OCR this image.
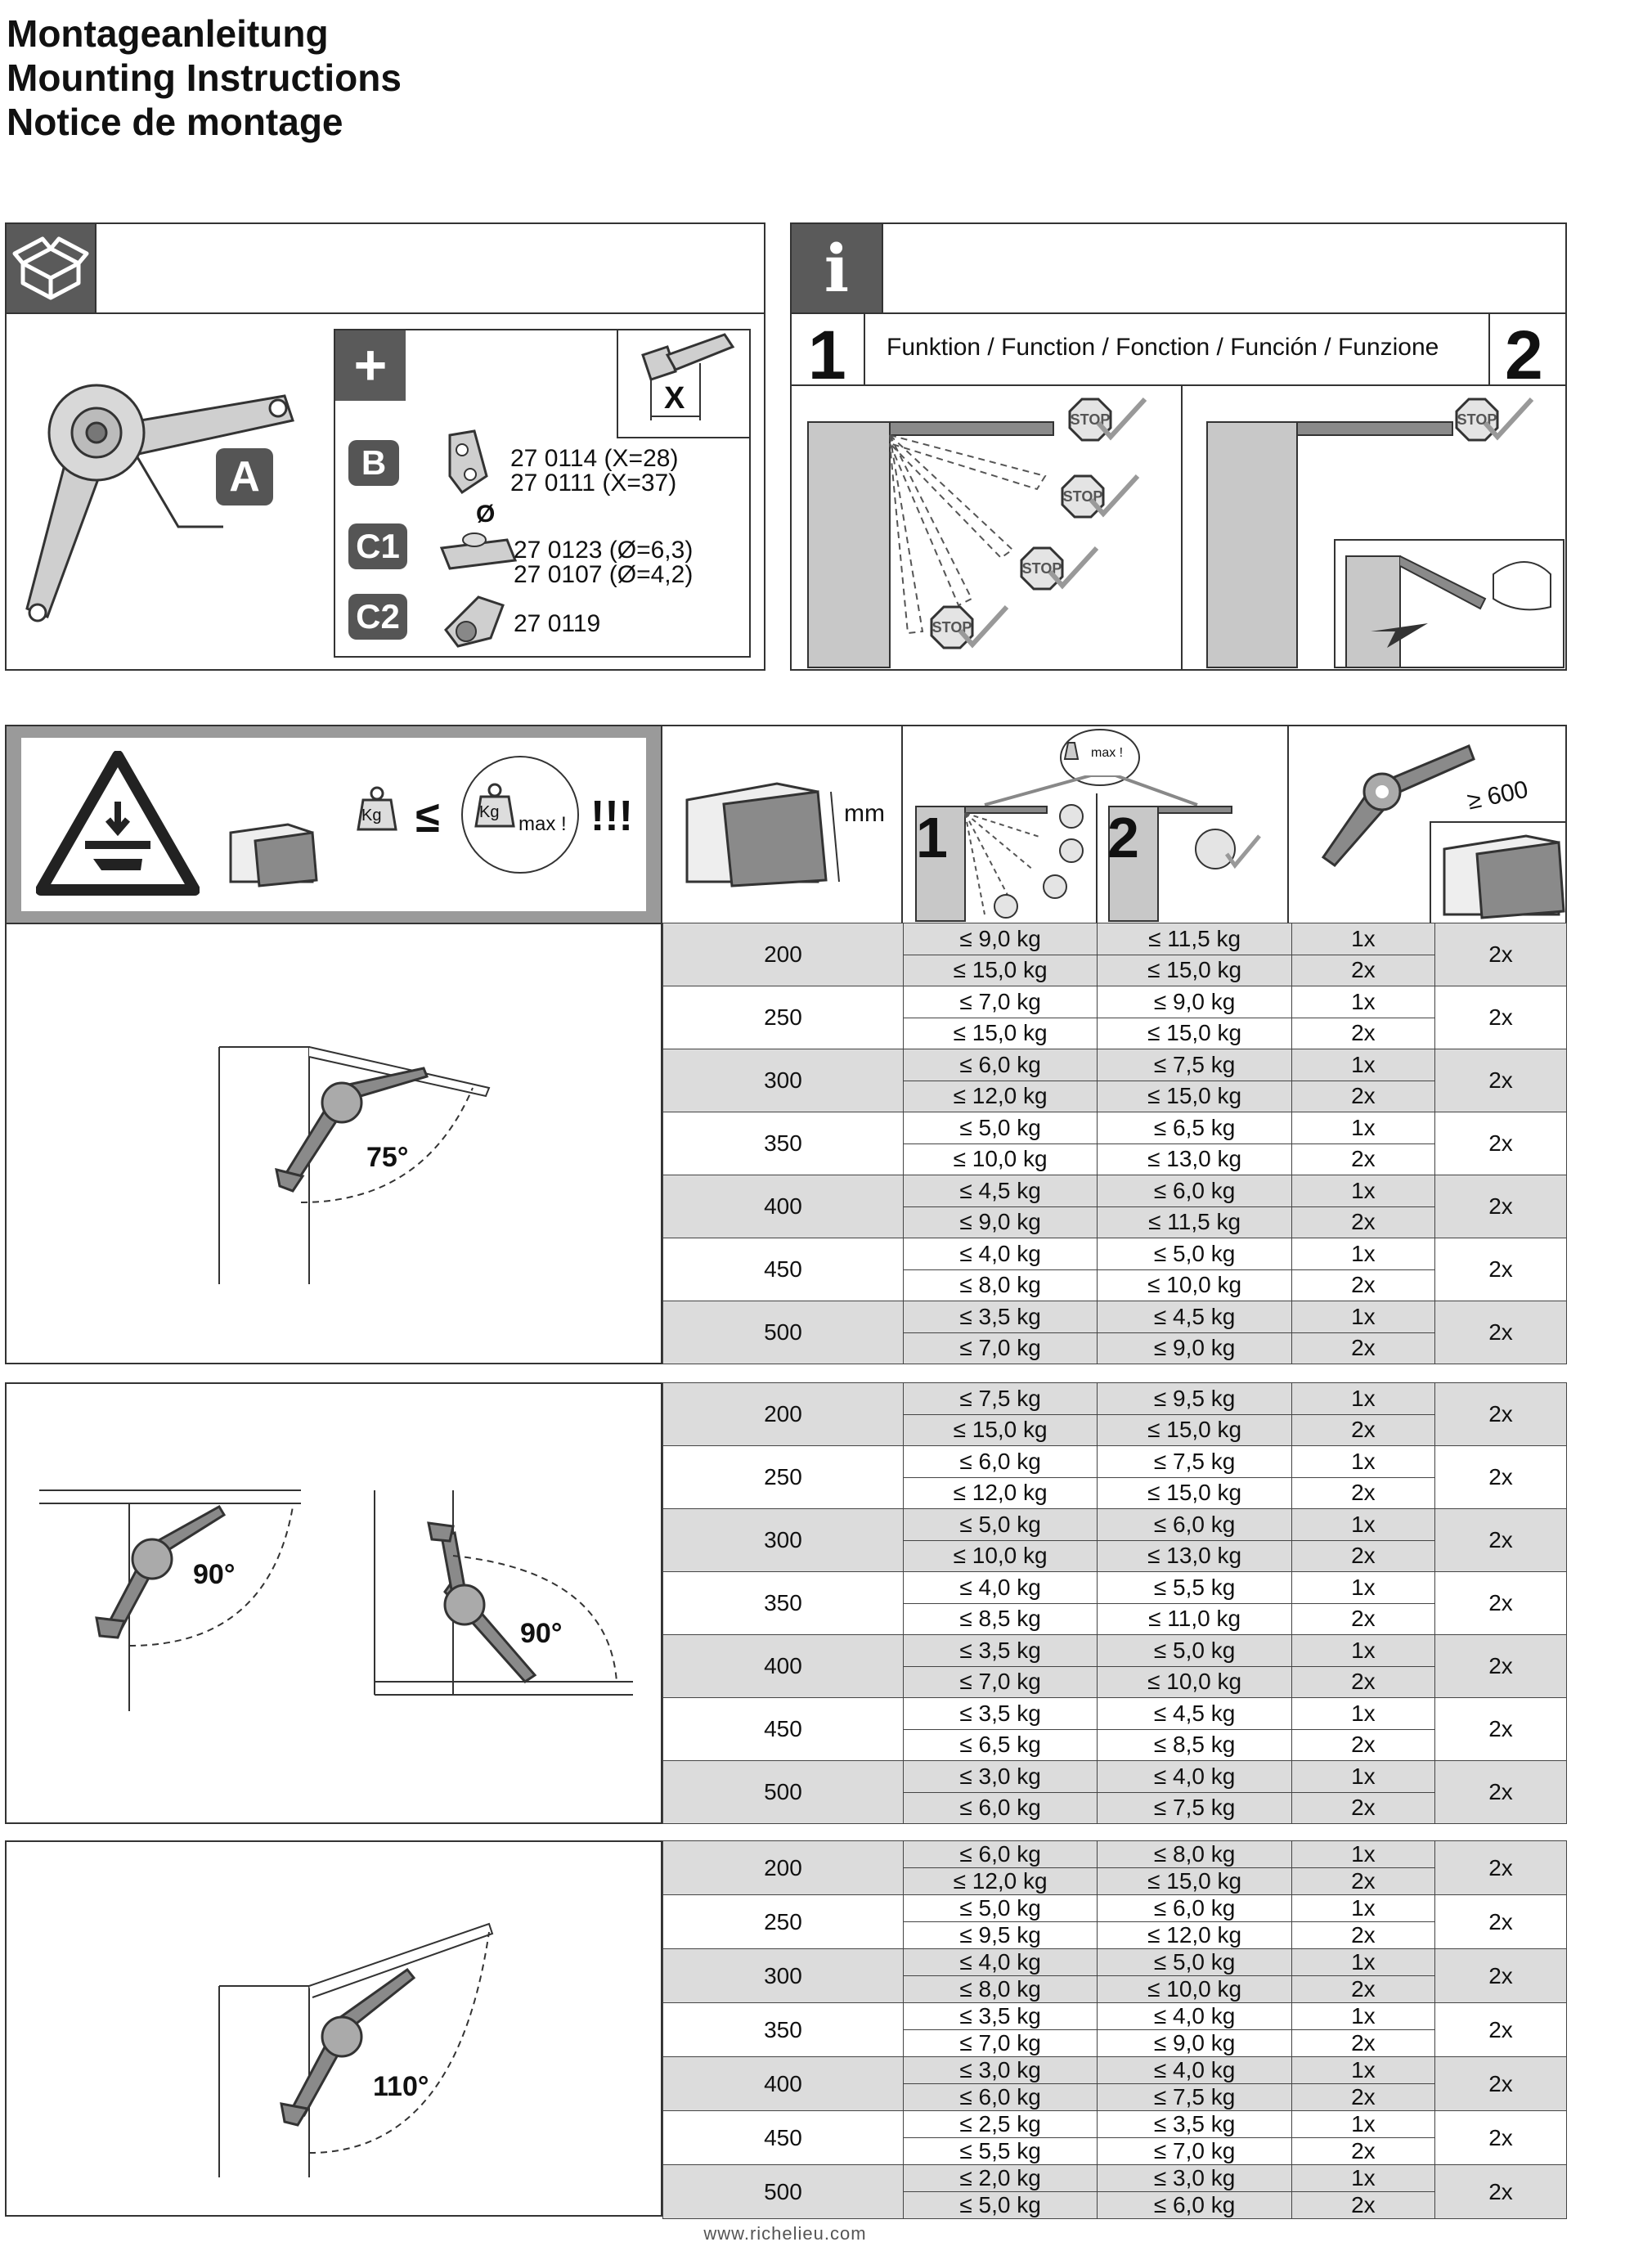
Montageanleitung
Mounting Instructions
Notice de montage
A
+
X
B	27 0114 (X=28)
27 0111 (X=37)
Ø
C1	27 0123 (Ø=6,3)
27 0107 (Ø=4,2)
C2	27 0119
i
1 Funktion / Function / Fonction / Función / Funzione 2
STOP
STOP
STOP
STOP
STOP
Kg ≤ Kg
max ! !!!	mm
max !
1	2
≥ 600
75°
90°
90°
110°
200	≤ 9,0 kg	≤ 11,5 kg	1x	2x
	≤ 15,0 kg	≤ 15,0 kg	2x	
250	≤ 7,0 kg	≤ 9,0 kg	1x	2x
	≤ 15,0 kg	≤ 15,0 kg	2x	
300	≤ 6,0 kg	≤ 7,5 kg	1x	2x
	≤ 12,0 kg	≤ 15,0 kg	2x	
350	≤ 5,0 kg	≤ 6,5 kg	1x	2x
	≤ 10,0 kg	≤ 13,0 kg	2x	
400	≤ 4,5 kg	≤ 6,0 kg	1x	2x
	≤ 9,0 kg	≤ 11,5 kg	2x	
450	≤ 4,0 kg	≤ 5,0 kg	1x	2x
	≤ 8,0 kg	≤ 10,0 kg	2x	
500	≤ 3,5 kg	≤ 4,5 kg	1x	2x
	≤ 7,0 kg	≤ 9,0 kg	2x	
200	≤ 7,5 kg	≤ 9,5 kg	1x	2x
	≤ 15,0 kg	≤ 15,0 kg	2x	
250	≤ 6,0 kg	≤ 7,5 kg	1x	2x
	≤ 12,0 kg	≤ 15,0 kg	2x	
300	≤ 5,0 kg	≤ 6,0 kg	1x	2x
	≤ 10,0 kg	≤ 13,0 kg	2x	
350	≤ 4,0 kg	≤ 5,5 kg	1x	2x
	≤ 8,5 kg	≤ 11,0 kg	2x	
400	≤ 3,5 kg	≤ 5,0 kg	1x	2x
	≤ 7,0 kg	≤ 10,0 kg	2x	
450	≤ 3,5 kg	≤ 4,5 kg	1x	2x
	≤ 6,5 kg	≤ 8,5 kg	2x	
500	≤ 3,0 kg	≤ 4,0 kg	1x	2x
	≤ 6,0 kg	≤ 7,5 kg	2x	
200	≤ 6,0 kg	≤ 8,0 kg	1x	2x
	≤ 12,0 kg	≤ 15,0 kg	2x	
250	≤ 5,0 kg	≤ 6,0 kg	1x	2x
	≤ 9,5 kg	≤ 12,0 kg	2x	
300	≤ 4,0 kg	≤ 5,0 kg	1x	2x
	≤ 8,0 kg	≤ 10,0 kg	2x	
350	≤ 3,5 kg	≤ 4,0 kg	1x	2x
	≤ 7,0 kg	≤ 9,0 kg	2x	
400	≤ 3,0 kg	≤ 4,0 kg	1x	2x
	≤ 6,0 kg	≤ 7,5 kg	2x	
450	≤ 2,5 kg	≤ 3,5 kg	1x	2x
	≤ 5,5 kg	≤ 7,0 kg	2x	
500	≤ 2,0 kg	≤ 3,0 kg	1x	2x
	≤ 5,0 kg	≤ 6,0 kg	2x	
www.richelieu.com
